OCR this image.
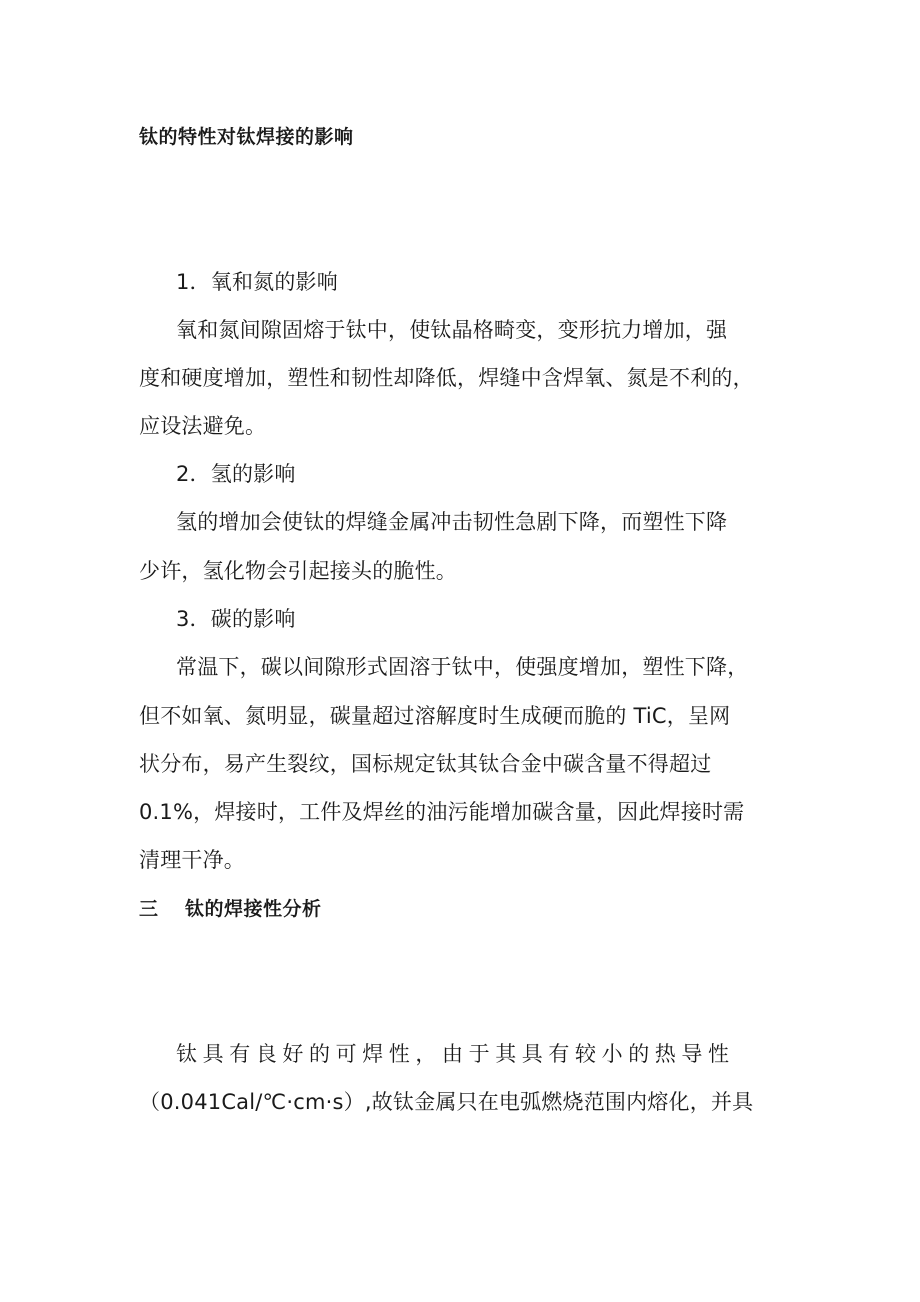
钛的特性对钛焊接的影响
1．氧和氮的影响
氧和氮间隙固熔于钛中，使钛晶格畸变，变形抗力增加，强
度和硬度增加，塑性和韧性却降低，焊缝中含焊氧、氮是不利的，
应设法避免。
2．氢的影响
氢的增加会使钛的焊缝金属冲击韧性急剧下降，而塑性下降
少许，氢化物会引起接头的脆性。
3．碳的影响
常温下，碳以间隙形式固溶于钛中，使强度增加，塑性下降，
但不如氧、氮明显，碳量超过溶解度时生成硬而脆的 TiC，呈网
状分布，易产生裂纹，国标规定钛其钛合金中碳含量不得超过
0.1%，焊接时，工件及焊丝的油污能增加碳含量，因此焊接时需
清理干净。
三 钛的焊接性分析
钛具有良好的可焊性，由于其具有较小的热导性
（0.041Cal/℃·cm·s）,故钛金属只在电弧燃烧范围内熔化，并具
